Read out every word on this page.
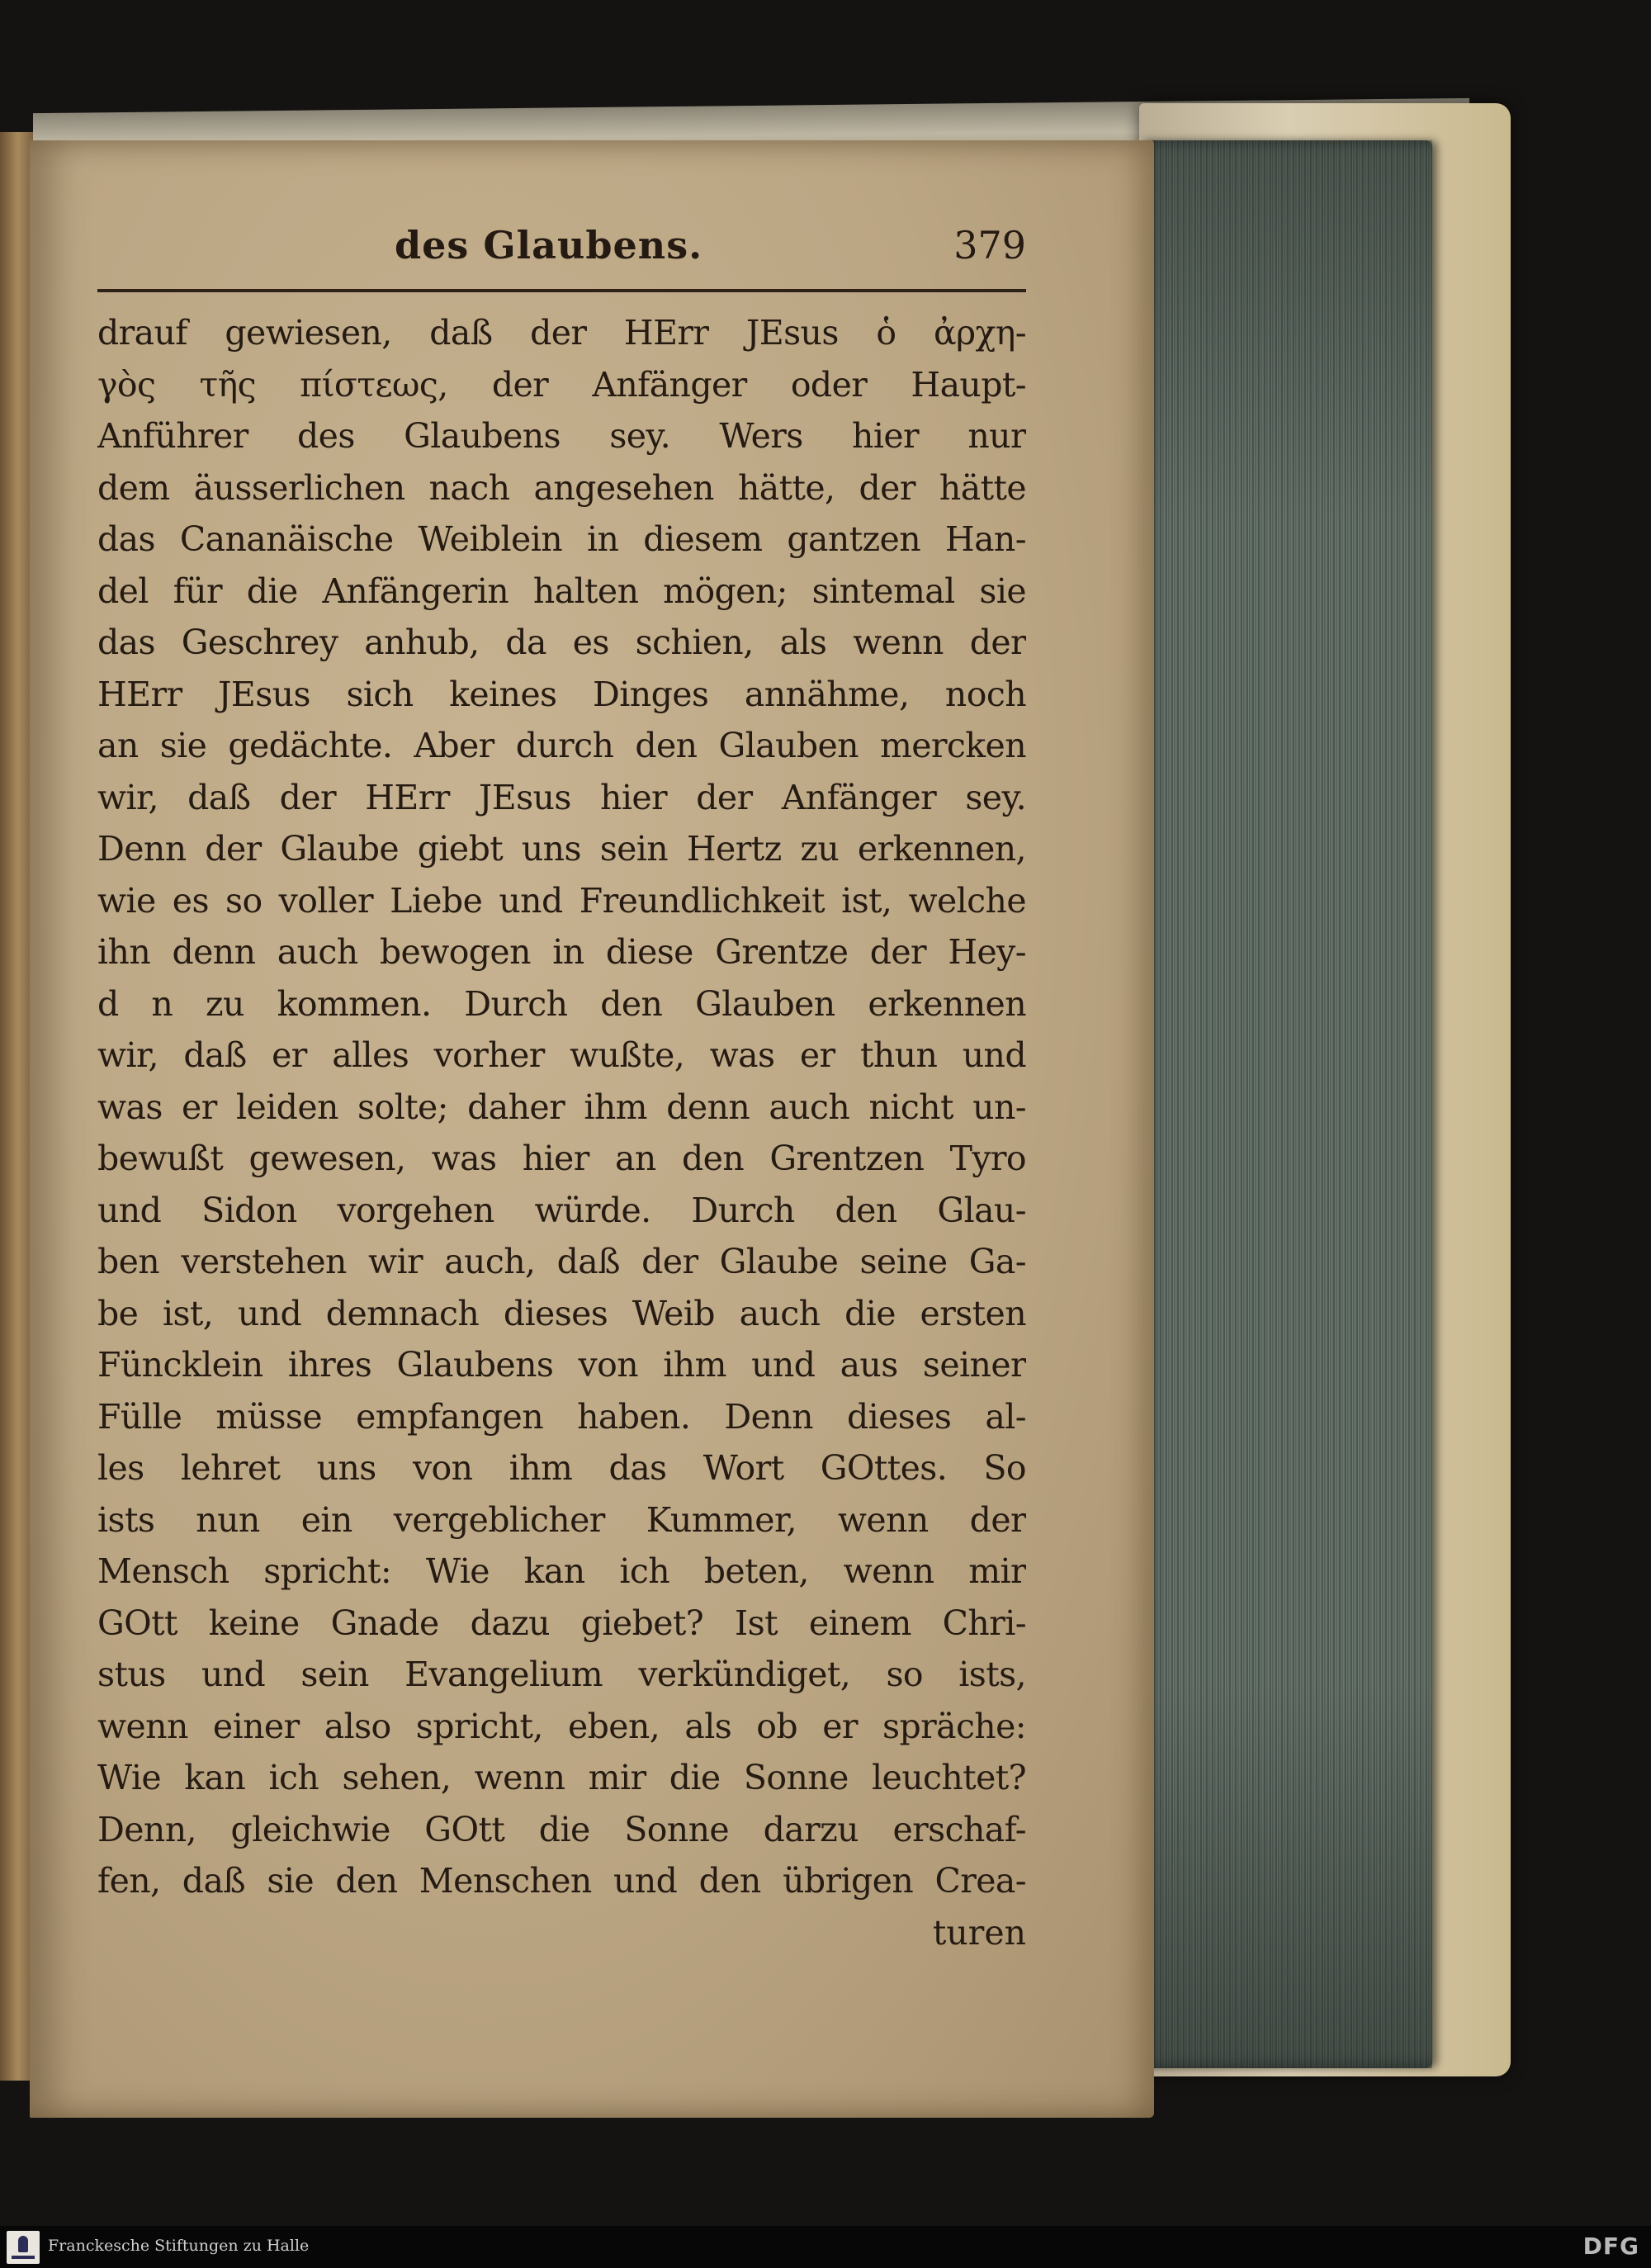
des Glaubens.	379
drauf gewiesen, daß der HErr JEsus ὁ ἀρχη-
γὸς τῆς πίστεως, der Anfänger oder Haupt-
Anführer des Glaubens sey. Wers hier nur
dem äusserlichen nach angesehen hätte, der hätte
das Cananäische Weiblein in diesem gantzen Han-
del für die Anfängerin halten mögen; sintemal sie
das Geschrey anhub, da es schien, als wenn der
HErr JEsus sich keines Dinges annähme, noch
an sie gedächte. Aber durch den Glauben mercken
wir, daß der HErr JEsus hier der Anfänger sey.
Denn der Glaube giebt uns sein Hertz zu erkennen,
wie es so voller Liebe und Freundlichkeit ist, welche
ihn denn auch bewogen in diese Grentze der Hey-
d n zu kommen. Durch den Glauben erkennen
wir, daß er alles vorher wußte, was er thun und
was er leiden solte; daher ihm denn auch nicht un-
bewußt gewesen, was hier an den Grentzen Tyro
und Sidon vorgehen würde. Durch den Glau-
ben verstehen wir auch, daß der Glaube seine Ga-
be ist, und demnach dieses Weib auch die ersten
Füncklein ihres Glaubens von ihm und aus seiner
Fülle müsse empfangen haben. Denn dieses al-
les lehret uns von ihm das Wort GOttes. So
ists nun ein vergeblicher Kummer, wenn der
Mensch spricht: Wie kan ich beten, wenn mir
GOtt keine Gnade dazu giebet? Ist einem Chri-
stus und sein Evangelium verkündiget, so ists,
wenn einer also spricht, eben, als ob er spräche:
Wie kan ich sehen, wenn mir die Sonne leuchtet?
Denn, gleichwie GOtt die Sonne darzu erschaf-
fen, daß sie den Menschen und den übrigen Crea-
turen
Franckesche Stiftungen zu Halle	DFG
